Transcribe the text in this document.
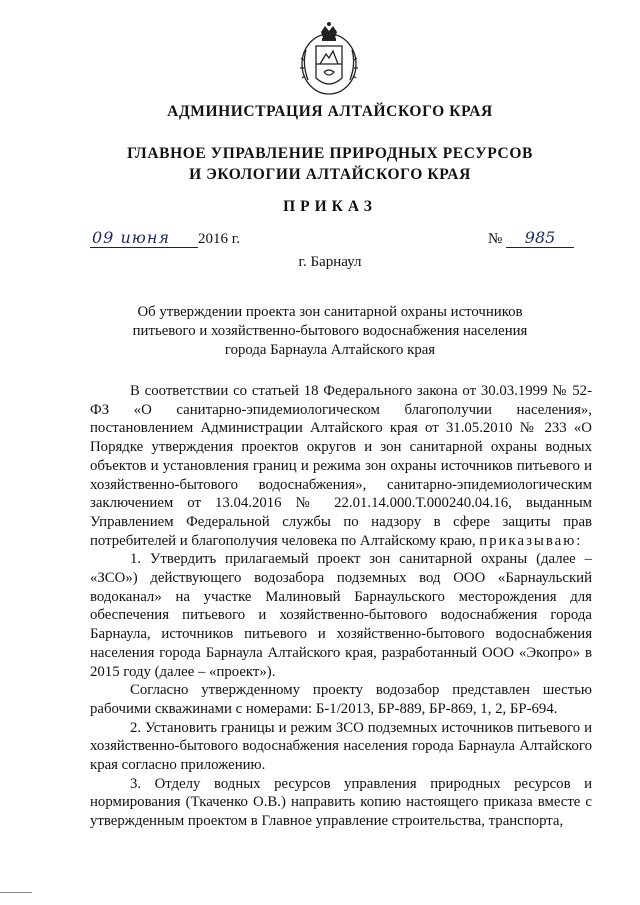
АДМИНИСТРАЦИЯ АЛТАЙСКОГО КРАЯ
ГЛАВНОЕ УПРАВЛЕНИЕ ПРИРОДНЫХ РЕСУРСОВ
И ЭКОЛОГИИ АЛТАЙСКОГО КРАЯ
ПРИКАЗ
09 июня 2016 г.	№ 985
г. Барнаул
Об утверждении проекта зон санитарной охраны источников
питьевого и хозяйственно-бытового водоснабжения населения
города Барнаула Алтайского края

В соответствии со статьей 18 Федерального закона от 30.03.1999 № 52-ФЗ «О санитарно-эпидемиологическом благополучии населения», постановлением Администрации Алтайского края от 31.05.2010 № 233 «О Порядке утверждения проектов округов и зон санитарной охраны водных объектов и установления границ и режима зон охраны источников питьевого и хозяйственно-бытового водоснабжения», санитарно-эпидемиологическим заключением от 13.04.2016 № 22.01.14.000.Т.000240.04.16, выданным Управлением Федеральной службы по надзору в сфере защиты прав потребителей и благополучия человека по Алтайскому краю, приказываю:

1. Утвердить прилагаемый проект зон санитарной охраны (далее – «ЗСО») действующего водозабора подземных вод ООО «Барнаульский водоканал» на участке Малиновый Барнаульского месторождения для обеспечения питьевого и хозяйственно-бытового водоснабжения города Барнаула, источников питьевого и хозяйственно-бытового водоснабжения населения города Барнаула Алтайского края, разработанный ООО «Экопро» в 2015 году (далее – «проект»).

Согласно утвержденному проекту водозабор представлен шестью рабочими скважинами с номерами: Б-1/2013, БР-889, БР-869, 1, 2, БР-694.

2. Установить границы и режим ЗСО подземных источников питьевого и хозяйственно-бытового водоснабжения населения города Барнаула Алтайского края согласно приложению.

3. Отделу водных ресурсов управления природных ресурсов и нормирования (Ткаченко О.В.) направить копию настоящего приказа вместе с утвержденным проектом в Главное управление строительства, транспорта,
